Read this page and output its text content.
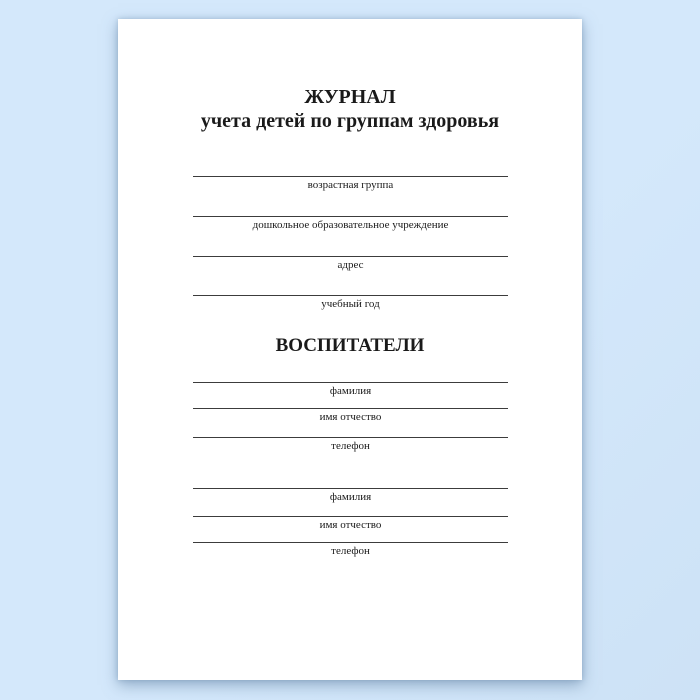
ЖУРНАЛ
учета детей по группам здоровья
возрастная группа
дошкольное образовательное учреждение
адрес
учебный год
ВОСПИТАТЕЛИ
фамилия
имя отчество
телефон
фамилия
имя отчество
телефон
